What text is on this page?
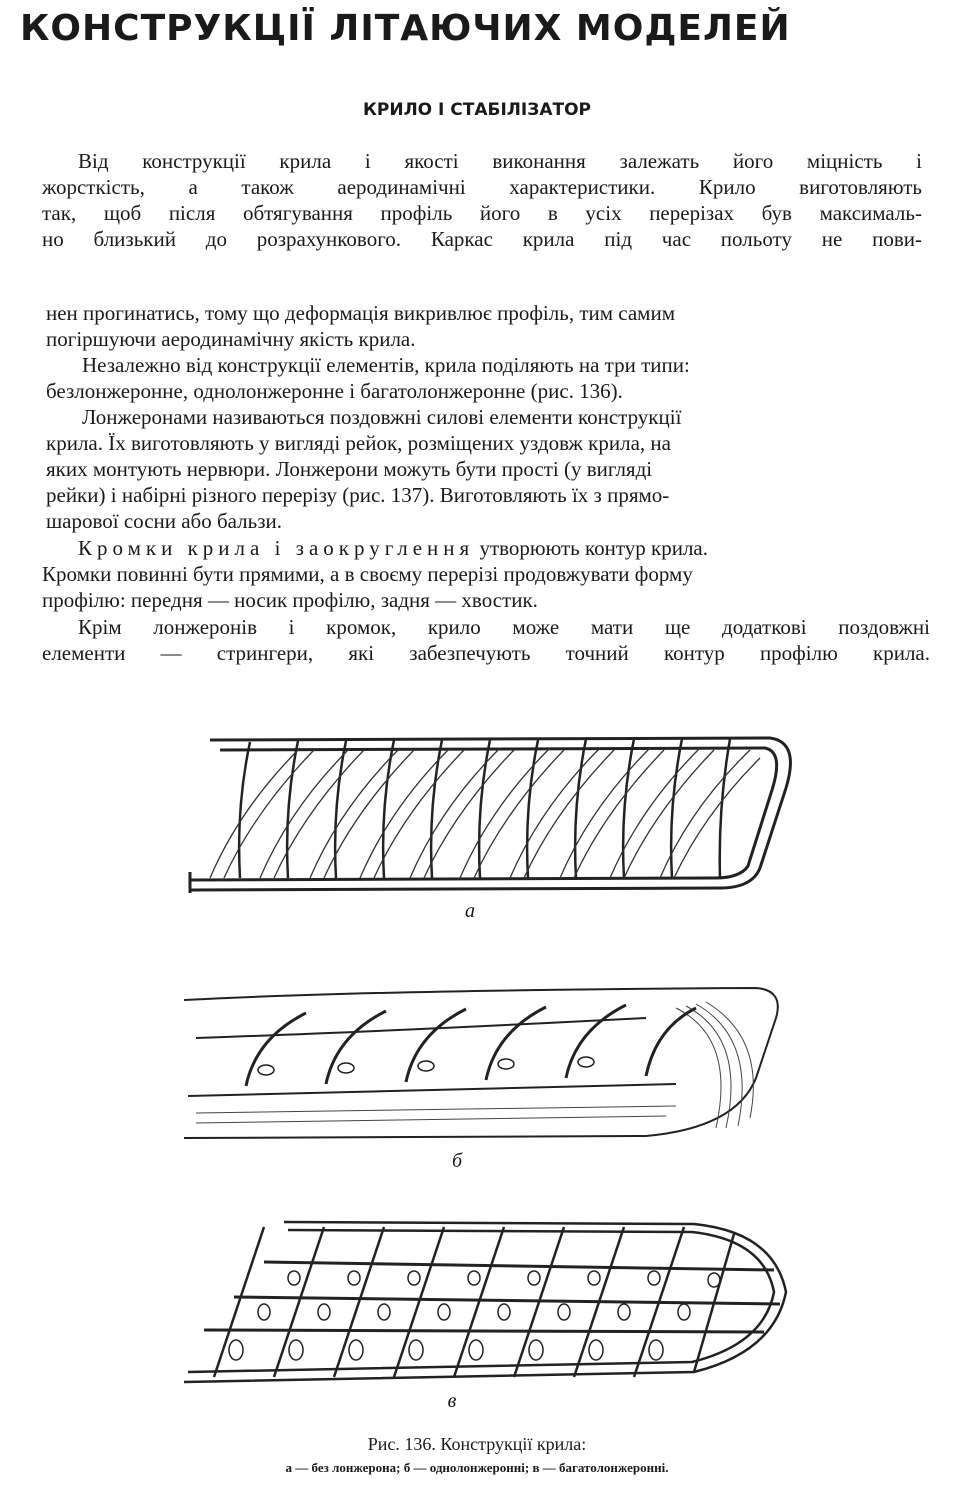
КОНСТРУКЦІЇ ЛІТАЮЧИХ МОДЕЛЕЙ
КРИЛО І СТАБІЛІЗАТОР

Від конструкції крила і якості виконання залежать його міцність і
жорсткість, а також аеродинамічні характеристики. Крило виготовляють
так, щоб після обтягування профіль його в усіх перерізах був максималь-
но близький до розрахункового. Каркас крила під час польоту не пови-

нен прогинатись, тому що деформація викривлює профіль, тим самим
погіршуючи аеродинамічну якість крила.

Незалежно від конструкції елементів, крила поділяють на три типи:
безлонжеронне, однолонжеронне і багатолонжеронне (рис. 136).

Лонжеронами називаються поздовжні силові елементи конструкції
крила. Їх виготовляють у вигляді рейок, розміщених уздовж крила, на
яких монтують нервюри. Лонжерони можуть бути прості (у вигляді
рейки) і набірні різного перерізу (рис. 137). Виготовляють їх з прямо-
шарової сосни або бальзи.

Кромки крила і заокруглення утворюють контур крила.
Кромки повинні бути прямими, а в своєму перерізі продовжувати форму
профілю: передня — носик профілю, задня — хвостик.

Крім лонжеронів і кромок, крило може мати ще додаткові поздовжні
елементи — стрингери, які забезпечують точний контур профілю крила.

а
б
в

Рис. 136. Конструкції крила:

а — без лонжерона; б — однолонжеронні; в — багатолонжеронні.
